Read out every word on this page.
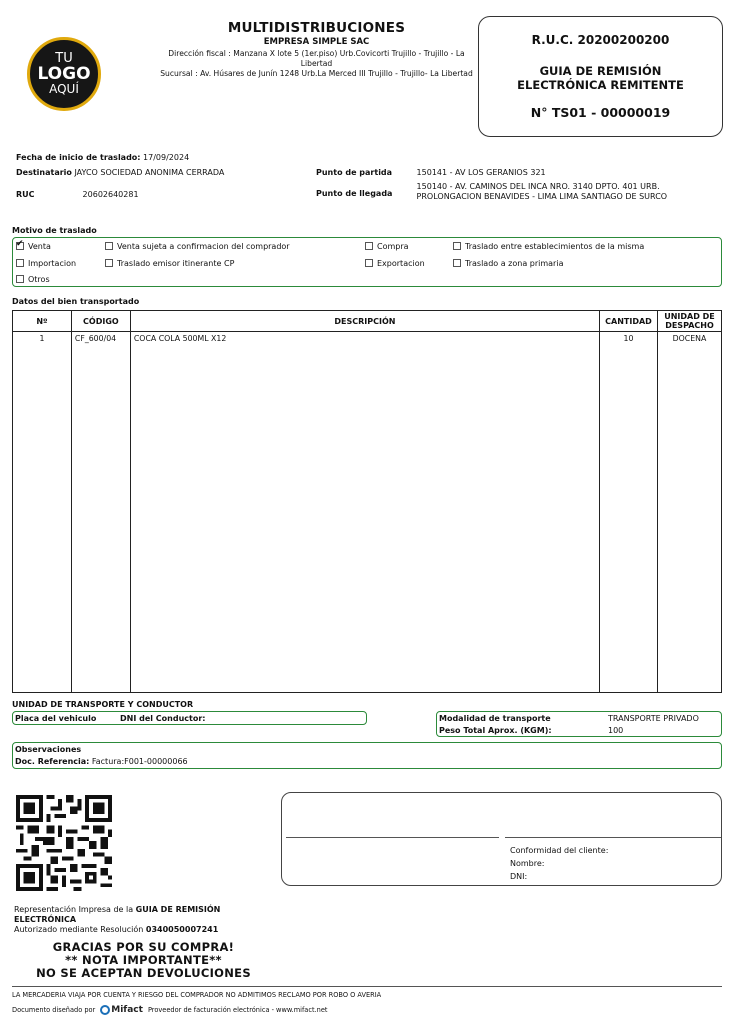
TU
LOGO
AQUÍ
MULTIDISTRIBUCIONES
EMPRESA SIMPLE SAC
Dirección fiscal : Manzana X lote 5 (1er.piso) Urb.Covicorti Trujillo - Trujillo - La Libertad
Sucursal : Av. Húsares de Junín 1248 Urb.La Merced III Trujillo - Trujillo- La Libertad
R.U.C. 20200200200
GUIA DE REMISIÓN
ELECTRÓNICA REMITENTE
N° TS01 - 00000019
Fecha de inicio de traslado: 17/09/2024
Destinatario JAYCO SOCIEDAD ANONIMA CERRADA
RUC	20602640281
Punto de partida	150141 - AV LOS GERANIOS 321
Punto de llegada
150140 - AV. CAMINOS DEL INCA NRO. 3140 DPTO. 401 URB.
PROLONGACION BENAVIDES - LIMA LIMA SANTIAGO DE SURCO
Motivo de traslado
✔Venta	Venta sujeta a confirmacion del comprador	Compra	Traslado entre establecimientos de la misma
Importacion	Traslado emisor itinerante CP	Exportacion	Traslado a zona primaria
Otros
Datos del bien transportado
Nº	CÓDIGO	DESCRIPCIÓN	CANTIDAD	UNIDAD DE
DESPACHO

1	CF_600/04	COCA COLA 500ML X12	10	DOCENA

UNIDAD DE TRANSPORTE Y CONDUCTOR
Placa del vehiculo	DNI del Conductor:	Modalidad de transporte	TRANSPORTE PRIVADO
Peso Total Aprox. (KGM):	100
Observaciones
Doc. Referencia: Factura:F001-00000066
Conformidad del cliente:
Nombre:
DNI:
Representación Impresa de la GUIA DE REMISIÓN
ELECTRÓNICA
Autorizado mediante Resolución 0340050007241
GRACIAS POR SU COMPRA!
** NOTA IMPORTANTE**
NO SE ACEPTAN DEVOLUCIONES
LA MERCADERIA VIAJA POR CUENTA Y RIESGO DEL COMPRADOR NO ADMITIMOS RECLAMO POR ROBO O AVERIA
Documento diseñado por Mifact Proveedor de facturación electrónica - www.mifact.net
